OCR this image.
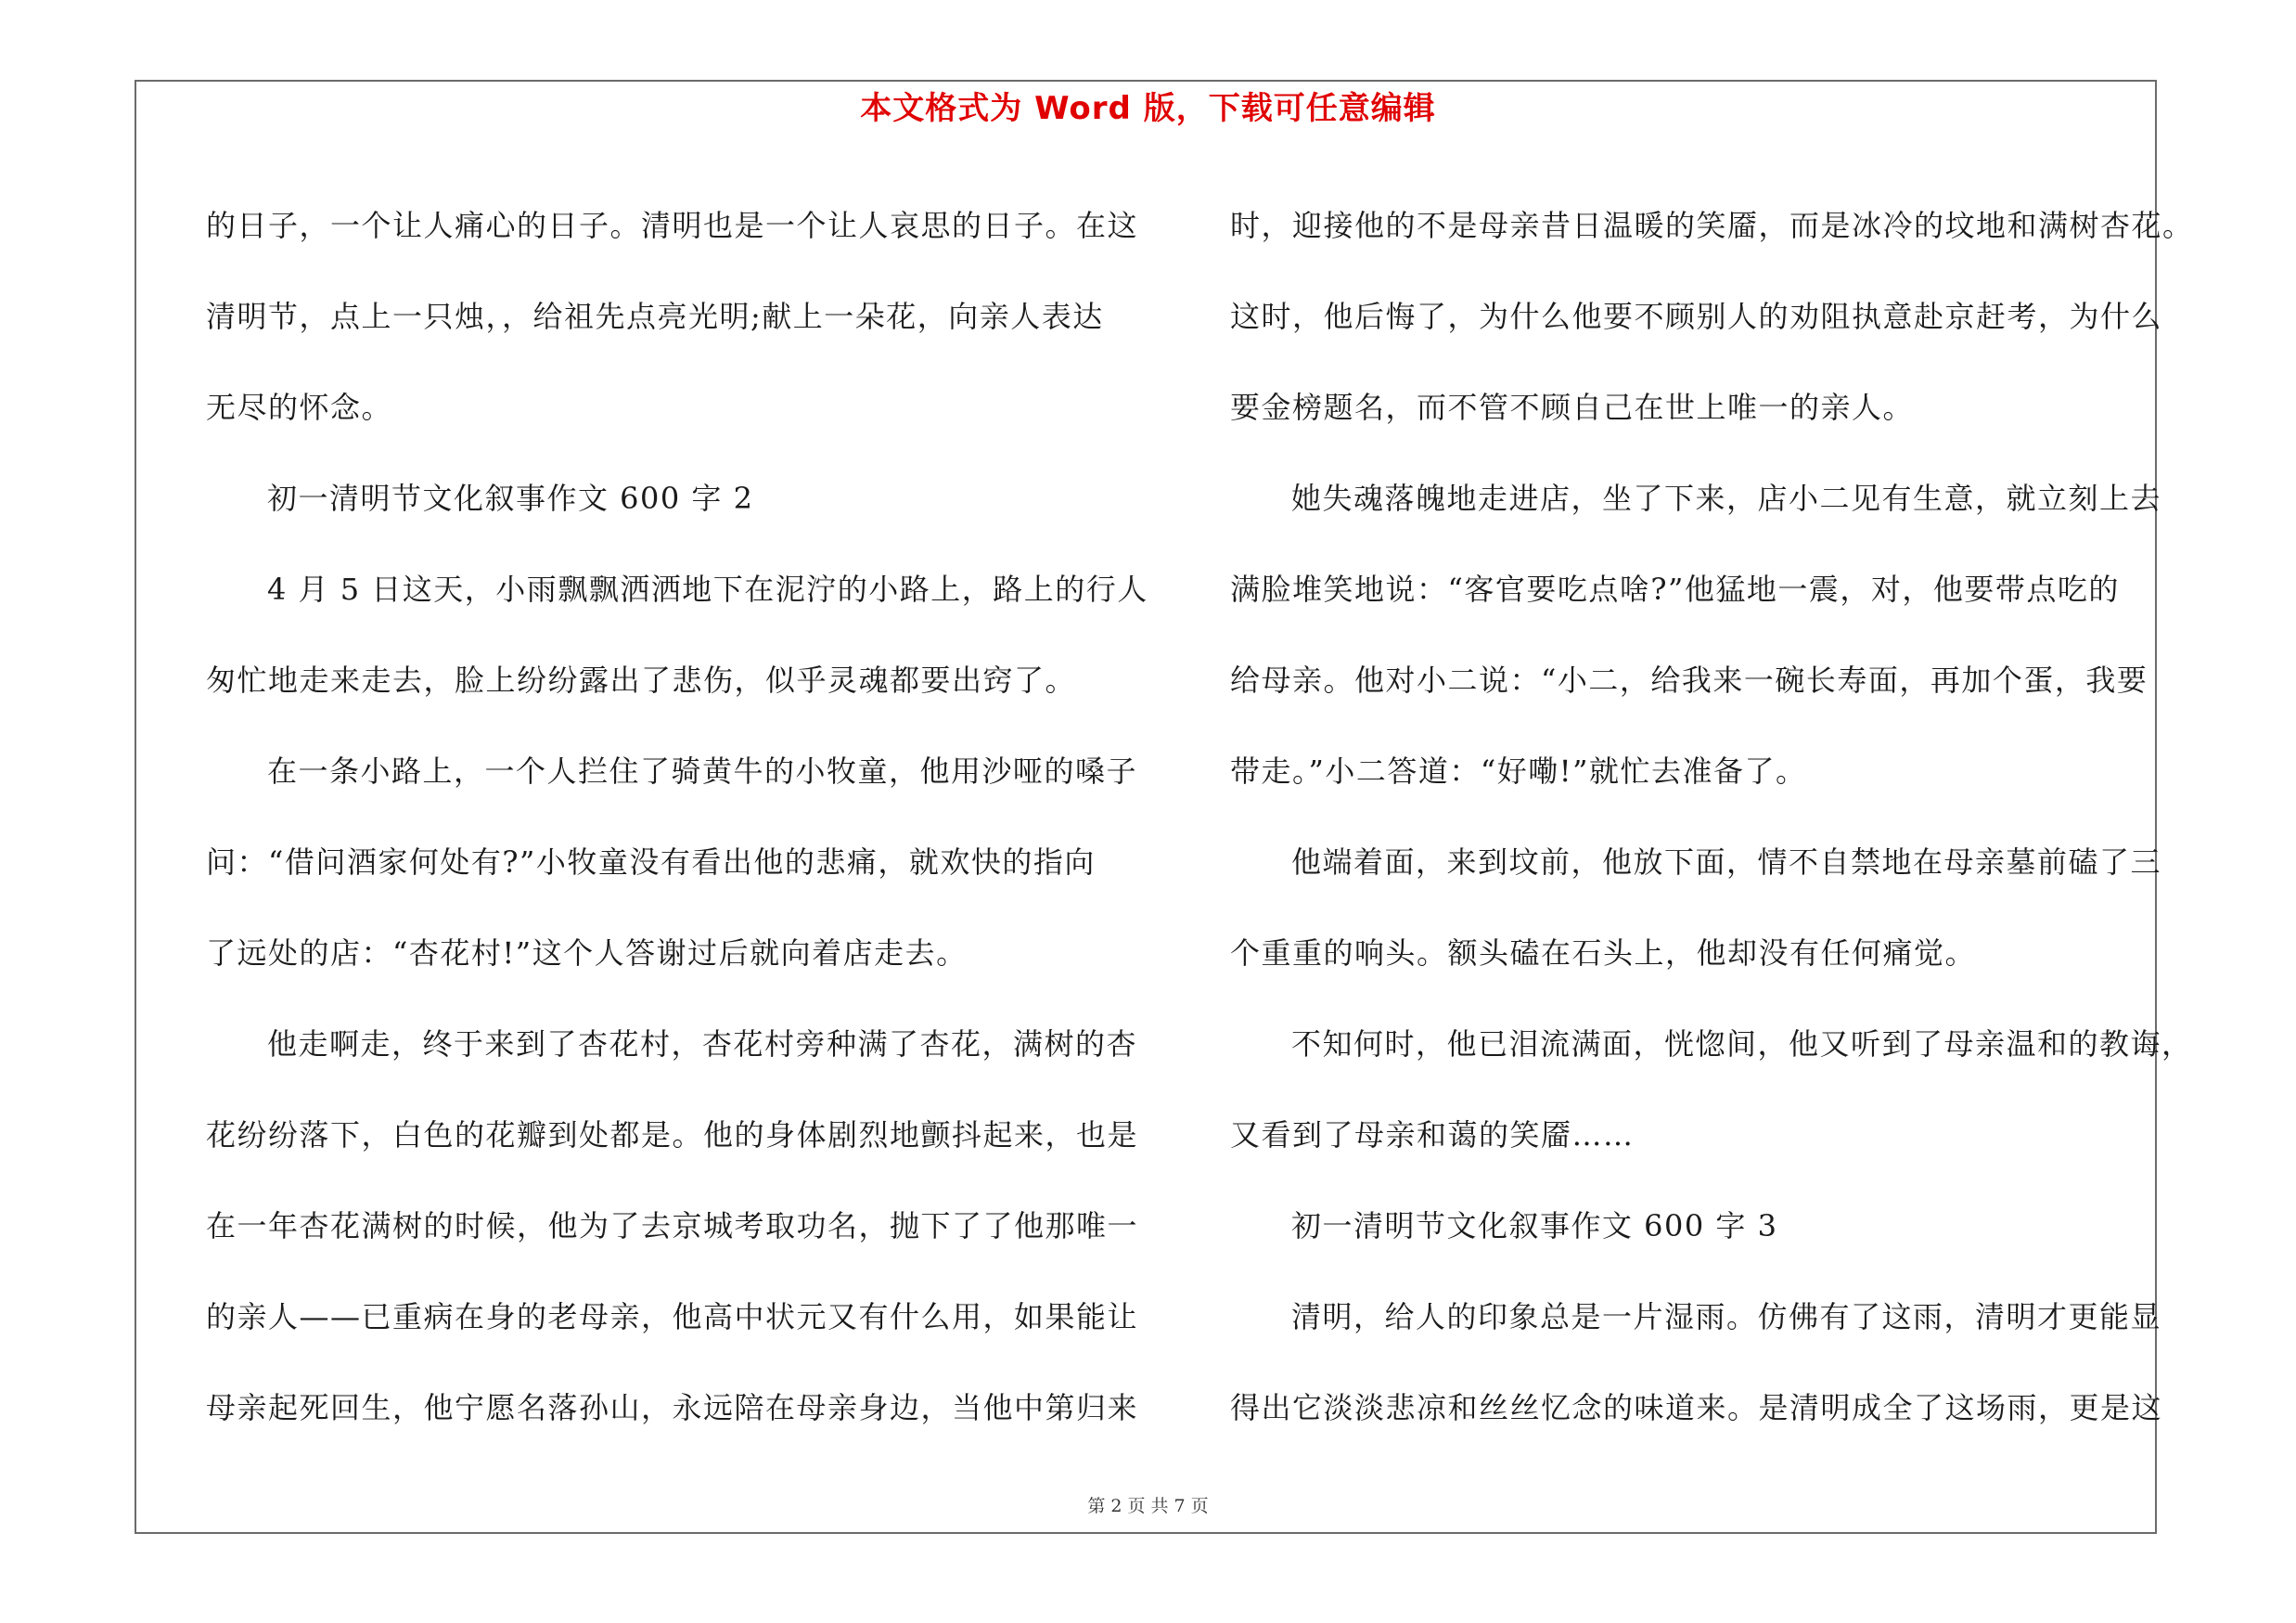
本文格式为 Word 版，下载可任意编辑
的日子，一个让人痛心的日子。清明也是一个让人哀思的日子。在这
清明节，点上一只烛，，给祖先点亮光明;献上一朵花，向亲人表达
无尽的怀念。
初一清明节文化叙事作文 600 字 2
4 月 5 日这天，小雨飘飘洒洒地下在泥泞的小路上，路上的行人
匆忙地走来走去，脸上纷纷露出了悲伤，似乎灵魂都要出窍了。
在一条小路上，一个人拦住了骑黄牛的小牧童，他用沙哑的嗓子
问：“借问酒家何处有?”小牧童没有看出他的悲痛，就欢快的指向
了远处的店：“杏花村!”这个人答谢过后就向着店走去。
他走啊走，终于来到了杏花村，杏花村旁种满了杏花，满树的杏
花纷纷落下，白色的花瓣到处都是。他的身体剧烈地颤抖起来，也是
在一年杏花满树的时候，他为了去京城考取功名，抛下了了他那唯一
的亲人——已重病在身的老母亲，他高中状元又有什么用，如果能让
母亲起死回生，他宁愿名落孙山，永远陪在母亲身边，当他中第归来
时，迎接他的不是母亲昔日温暖的笑靥，而是冰冷的坟地和满树杏花。
这时，他后悔了，为什么他要不顾别人的劝阻执意赴京赶考，为什么
要金榜题名，而不管不顾自己在世上唯一的亲人。
她失魂落魄地走进店，坐了下来，店小二见有生意，就立刻上去
满脸堆笑地说：“客官要吃点啥?”他猛地一震，对，他要带点吃的
给母亲。他对小二说：“小二，给我来一碗长寿面，再加个蛋，我要
带走。”小二答道：“好嘞!”就忙去准备了。
他端着面，来到坟前，他放下面，情不自禁地在母亲墓前磕了三
个重重的响头。额头磕在石头上，他却没有任何痛觉。
不知何时，他已泪流满面，恍惚间，他又听到了母亲温和的教诲，
又看到了母亲和蔼的笑靥……
初一清明节文化叙事作文 600 字 3
清明，给人的印象总是一片湿雨。仿佛有了这雨，清明才更能显
得出它淡淡悲凉和丝丝忆念的味道来。是清明成全了这场雨，更是这
第 2 页 共 7 页
